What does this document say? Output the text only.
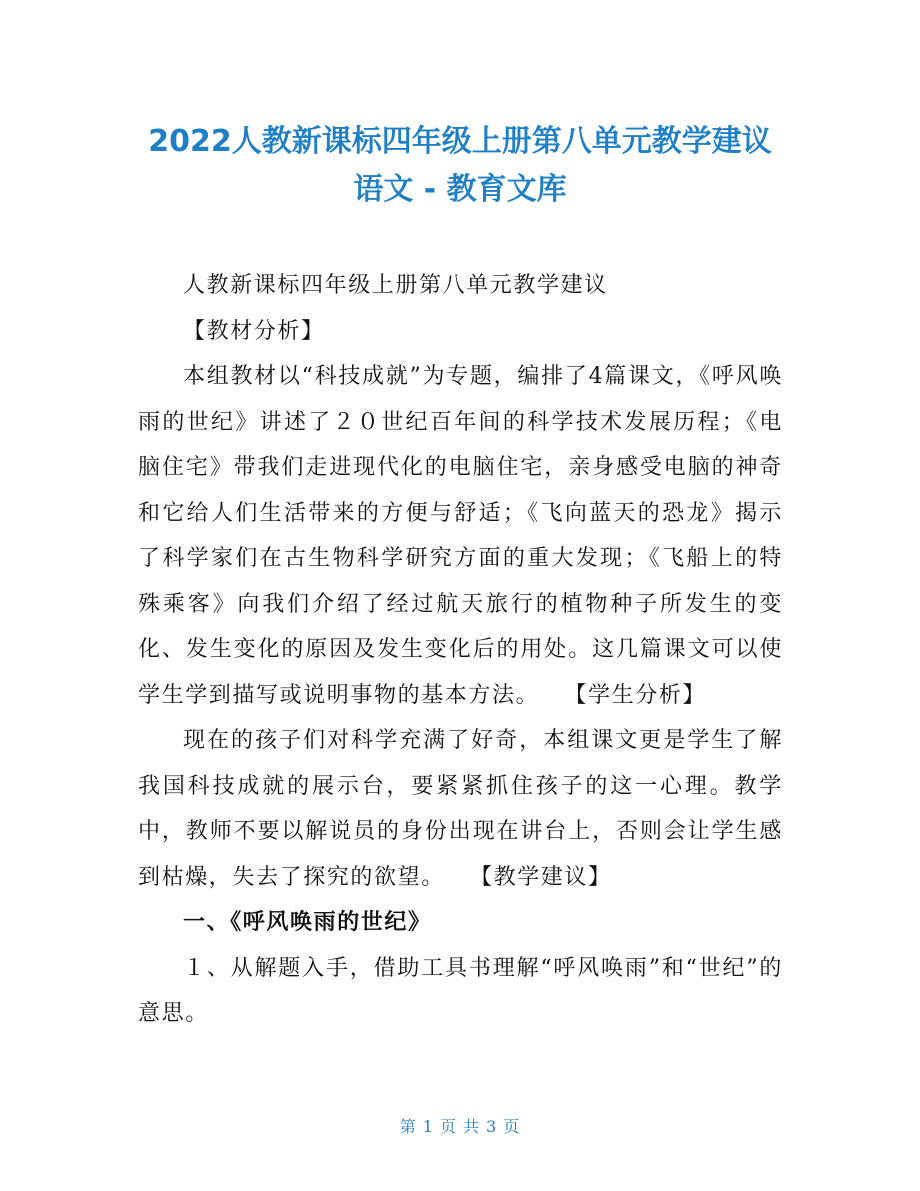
2022人教新课标四年级上册第八单元教学建议
语文 - 教育文库

人教新课标四年级上册第八单元教学建议

【教材分析】

本组教材以“科技成就”为专题，编排了4篇课文，《呼风唤雨的世纪》讲述了２０世纪百年间的科学技术发展历程；《电脑住宅》带我们走进现代化的电脑住宅，亲身感受电脑的神奇和它给人们生活带来的方便与舒适；《飞向蓝天的恐龙》揭示了科学家们在古生物科学研究方面的重大发现；《飞船上的特殊乘客》向我们介绍了经过航天旅行的植物种子所发生的变化、发生变化的原因及发生变化后的用处。这几篇课文可以使学生学到描写或说明事物的基本方法。　　【学生分析】

现在的孩子们对科学充满了好奇，本组课文更是学生了解我国科技成就的展示台，要紧紧抓住孩子的这一心理。教学中，教师不要以解说员的身份出现在讲台上，否则会让学生感到枯燥，失去了探究的欲望。　　【教学建议】

一、《呼风唤雨的世纪》

１、从解题入手，借助工具书理解“呼风唤雨”和“世纪”的意思。

第 1 页 共 3 页
